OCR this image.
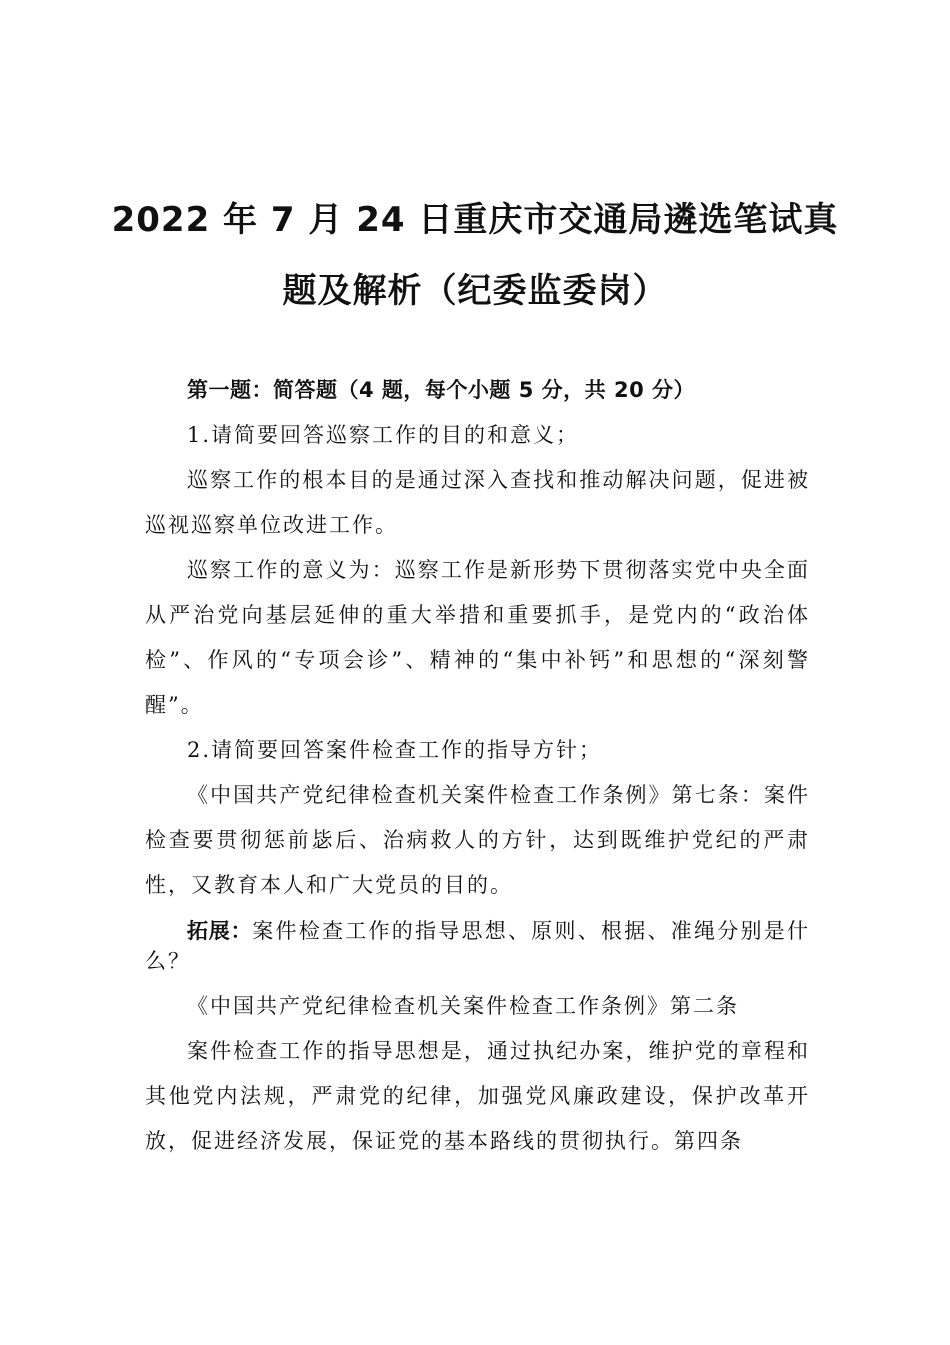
2022 年 7 月 24 日重庆市交通局遴选笔试真
题及解析（纪委监委岗）

第一题：简答题（4 题，每个小题 5 分，共 20 分）

1.请简要回答巡察工作的目的和意义；

巡察工作的根本目的是通过深入查找和推动解决问题，促进被巡视巡察单位改进工作。

巡察工作的意义为：巡察工作是新形势下贯彻落实党中央全面从严治党向基层延伸的重大举措和重要抓手，是党内的“政治体检”、作风的“专项会诊”、精神的“集中补钙”和思想的“深刻警醒”。

2.请简要回答案件检查工作的指导方针；

《中国共产党纪律检查机关案件检查工作条例》第七条：案件检查要贯彻惩前毖后、治病救人的方针，达到既维护党纪的严肃性，又教育本人和广大党员的目的。

拓展：案件检查工作的指导思想、原则、根据、准绳分别是什么？

《中国共产党纪律检查机关案件检查工作条例》第二条

案件检查工作的指导思想是，通过执纪办案，维护党的章程和其他党内法规，严肃党的纪律，加强党风廉政建设，保护改革开放，促进经济发展，保证党的基本路线的贯彻执行。第四条
